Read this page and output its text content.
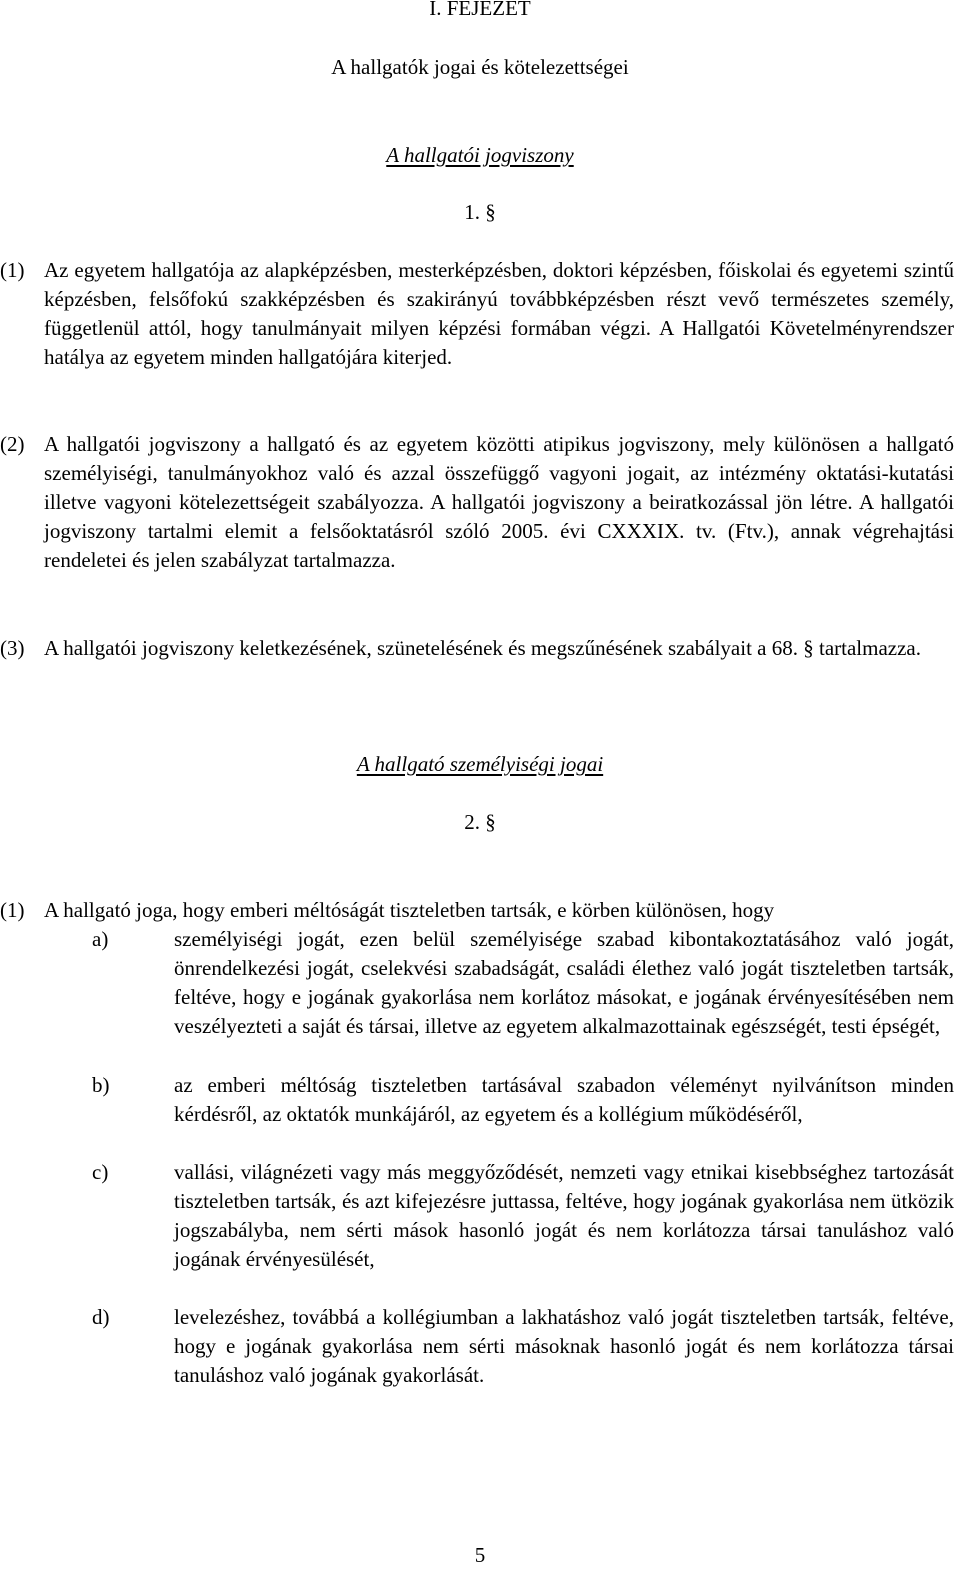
I. FEJEZET
A hallgatók jogai és kötelezettségei
A hallgatói jogviszony
1. §
(1) Az egyetem hallgatója az alapképzésben, mesterképzésben, doktori képzésben, főiskolai és egyetemi szintű képzésben, felsőfokú szakképzésben és szakirányú továbbképzésben részt vevő természetes személy, függetlenül attól, hogy tanulmányait milyen képzési formában végzi. A Hallgatói Követelményrendszer hatálya az egyetem minden hallgatójára kiterjed.
(2) A hallgatói jogviszony a hallgató és az egyetem közötti atipikus jogviszony, mely különösen a hallgató személyiségi, tanulmányokhoz való és azzal összefüggő vagyoni jogait, az intézmény oktatási-kutatási illetve vagyoni kötelezettségeit szabályozza. A hallgatói jogviszony a beiratkozással jön létre. A hallgatói jogviszony tartalmi elemit a felsőoktatásról szóló 2005. évi CXXXIX. tv. (Ftv.), annak végrehajtási rendeletei és jelen szabályzat tartalmazza.
(3) A hallgatói jogviszony keletkezésének, szünetelésének és megszűnésének szabályait a 68. § tartalmazza.
A hallgató személyiségi jogai
2. §
(1) A hallgató joga, hogy emberi méltóságát tiszteletben tartsák, e körben különösen, hogy
a)	személyiségi jogát, ezen belül személyisége szabad kibontakoztatásához való jogát, önrendelkezési jogát, cselekvési szabadságát, családi élethez való jogát tiszteletben tartsák, feltéve, hogy e jogának gyakorlása nem korlátoz másokat, e jogának érvényesítésében nem veszélyezteti a saját és társai, illetve az egyetem alkalmazottainak egészségét, testi épségét,
b)	az emberi méltóság tiszteletben tartásával szabadon véleményt nyilvánítson minden kérdésről, az oktatók munkájáról, az egyetem és a kollégium működéséről,
c)	vallási, világnézeti vagy más meggyőződését, nemzeti vagy etnikai kisebbséghez tartozását tiszteletben tartsák, és azt kifejezésre juttassa, feltéve, hogy jogának gyakorlása nem ütközik jogszabályba, nem sérti mások hasonló jogát és nem korlátozza társai tanuláshoz való jogának érvényesülését,
d)	levelezéshez, továbbá a kollégiumban a lakhatáshoz való jogát tiszteletben tartsák, feltéve, hogy e jogának gyakorlása nem sérti másoknak hasonló jogát és nem korlátozza társai tanuláshoz való jogának gyakorlását.
5
